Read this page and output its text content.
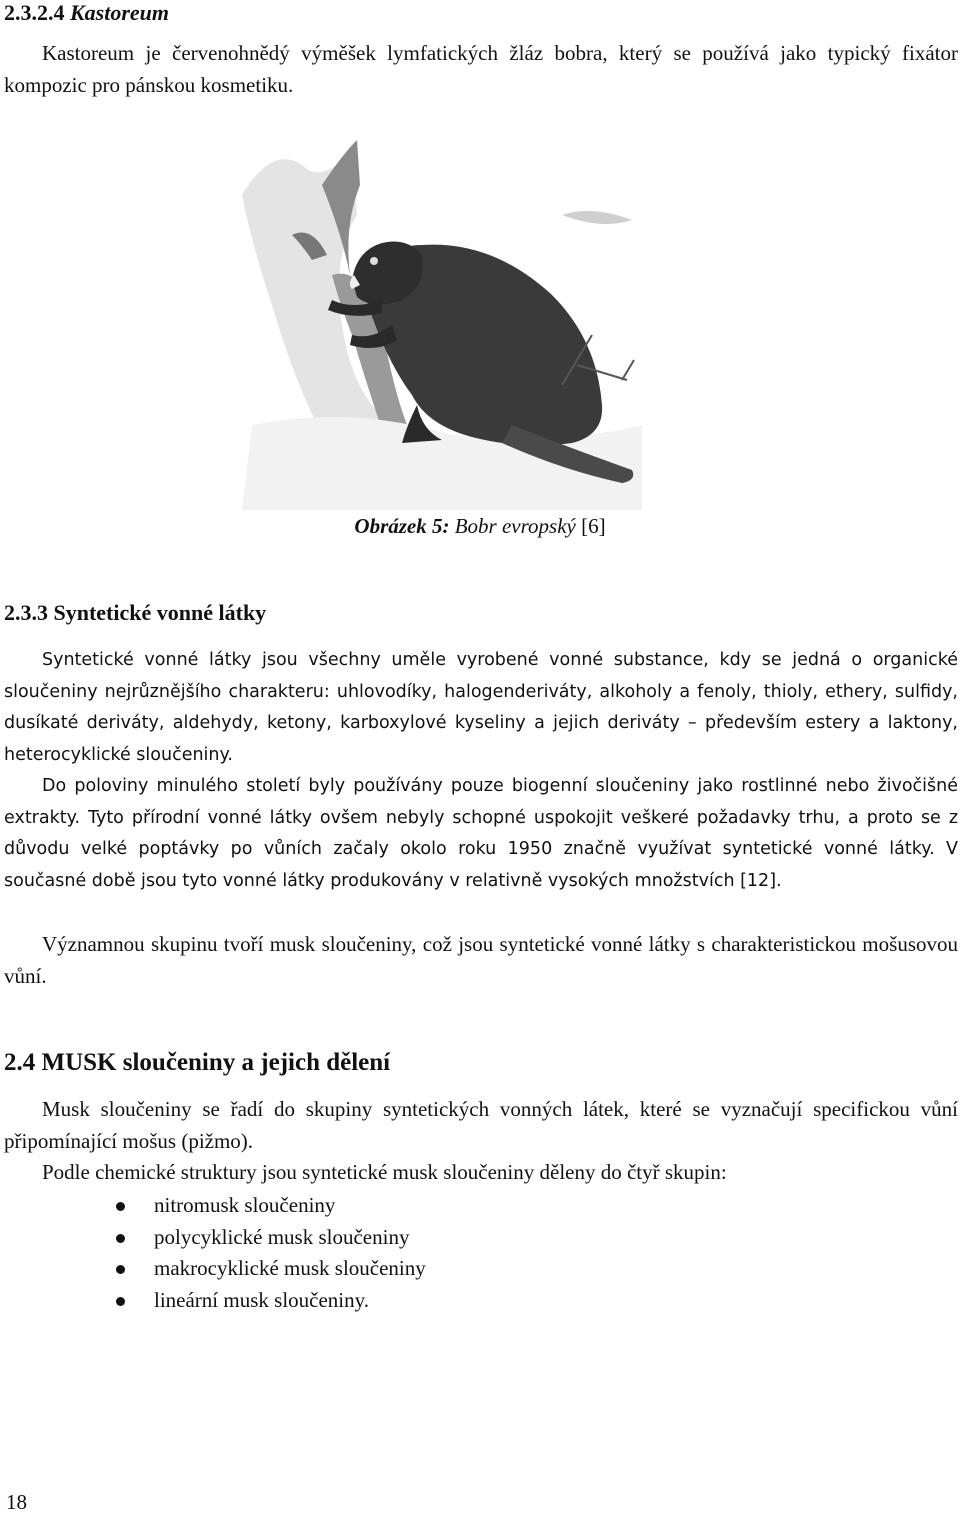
2.3.2.4 Kastoreum

Kastoreum je červenohnědý výměšek lymfatických žláz bobra, který se používá jako typický fixátor kompozic pro pánskou kosmetiku.

Obrázek 5: Bobr evropský [6]
2.3.3 Syntetické vonné látky

Syntetické vonné látky jsou všechny uměle vyrobené vonné substance, kdy se jedná o organické sloučeniny nejrůznějšího charakteru: uhlovodíky, halogenderiváty, alkoholy a fenoly, thioly, ethery, sulfidy, dusíkaté deriváty, aldehydy, ketony, karboxylové kyseliny a jejich deriváty – především estery a laktony, heterocyklické sloučeniny.

Do poloviny minulého století byly používány pouze biogenní sloučeniny jako rostlinné nebo živočišné extrakty. Tyto přírodní vonné látky ovšem nebyly schopné uspokojit veškeré požadavky trhu, a proto se z důvodu velké poptávky po vůních začaly okolo roku 1950 značně využívat syntetické vonné látky. V současné době jsou tyto vonné látky produkovány v relativně vysokých množstvích [12].

Významnou skupinu tvoří musk sloučeniny, což jsou syntetické vonné látky s charakteristickou mošusovou vůní.

2.4 MUSK sloučeniny a jejich dělení

Musk sloučeniny se řadí do skupiny syntetických vonných látek, které se vyznačují specifickou vůní připomínající mošus (pižmo).

Podle chemické struktury jsou syntetické musk sloučeniny děleny do čtyř skupin:

nitromusk sloučeniny
polycyklické musk sloučeniny
makrocyklické musk sloučeniny
lineární musk sloučeniny.
18
